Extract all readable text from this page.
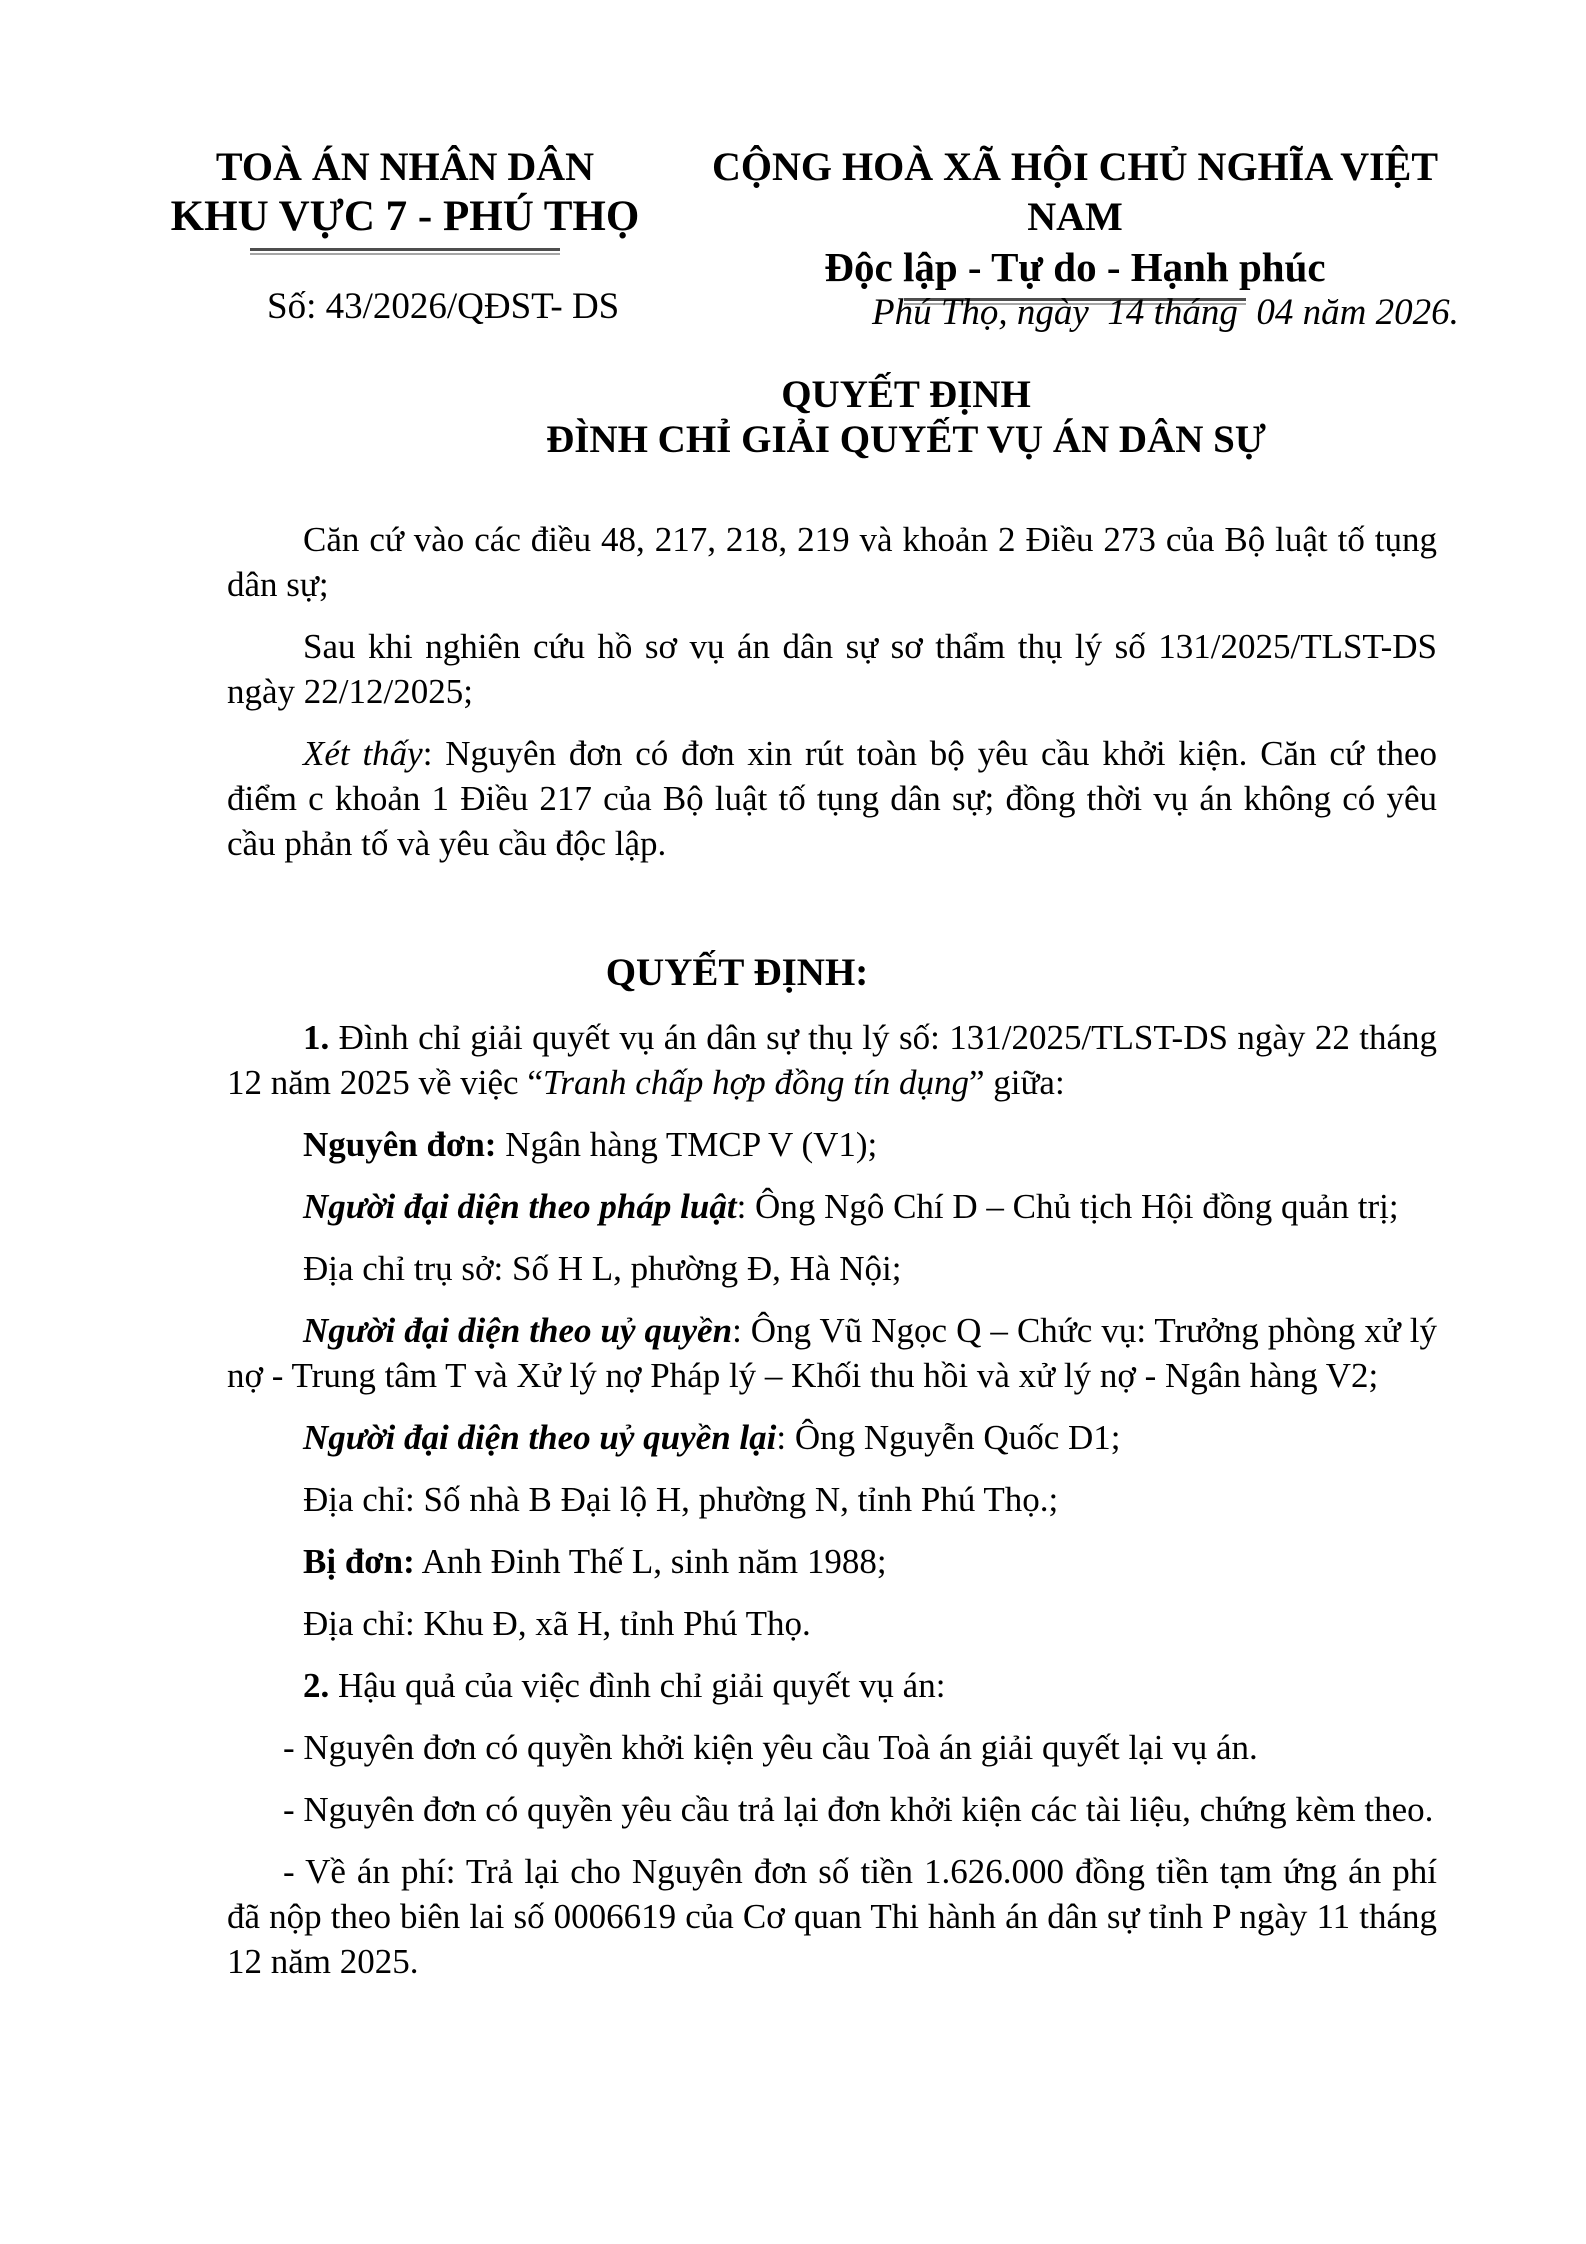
TOÀ ÁN NHÂN DÂN
KHU VỰC 7 - PHÚ THỌ
CỘNG HOÀ XÃ HỘI CHỦ NGHĨA VIỆT NAM
Độc lập - Tự do - Hạnh phúc
Số: 43/2026/QĐST- DS	Phú Thọ, ngày  14 tháng  04 năm 2026.
QUYẾT ĐỊNH
ĐÌNH CHỈ GIẢI QUYẾT VỤ ÁN DÂN SỰ

Căn cứ vào các điều 48, 217, 218, 219 và khoản 2 Điều 273 của Bộ luật tố tụng dân sự;

Sau khi nghiên cứu hồ sơ vụ án dân sự sơ thẩm thụ lý số 131/2025/TLST-DS ngày 22/12/2025;

Xét thấy: Nguyên đơn có đơn xin rút toàn bộ yêu cầu khởi kiện. Căn cứ theo điểm c khoản 1 Điều 217 của Bộ luật tố tụng dân sự; đồng thời vụ án không có yêu cầu phản tố và yêu cầu độc lập.

QUYẾT ĐỊNH:

1. Đình chỉ giải quyết vụ án dân sự thụ lý số: 131/2025/TLST-DS ngày 22 tháng 12 năm 2025 về việc “Tranh chấp hợp đồng tín dụng” giữa:

Nguyên đơn: Ngân hàng TMCP V (V1);

Người đại diện theo pháp luật: Ông Ngô Chí D – Chủ tịch Hội đồng quản trị;

Địa chỉ trụ sở: Số H L, phường Đ, Hà Nội;

Người đại diện theo uỷ quyền: Ông Vũ Ngọc Q – Chức vụ: Trưởng phòng xử lý nợ - Trung tâm T và Xử lý nợ Pháp lý – Khối thu hồi và xử lý nợ - Ngân hàng V2;

Người đại diện theo uỷ quyền lại: Ông Nguyễn Quốc D1;

Địa chỉ: Số nhà B Đại lộ H, phường N, tỉnh Phú Thọ.;

Bị đơn: Anh Đinh Thế L, sinh năm 1988;

Địa chỉ: Khu Đ, xã H, tỉnh Phú Thọ.

2. Hậu quả của việc đình chỉ giải quyết vụ án:

- Nguyên đơn có quyền khởi kiện yêu cầu Toà án giải quyết lại vụ án.

- Nguyên đơn có quyền yêu cầu trả lại đơn khởi kiện các tài liệu, chứng kèm theo.

- Về án phí: Trả lại cho Nguyên đơn số tiền 1.626.000 đồng tiền tạm ứng án phí đã nộp theo biên lai số 0006619 của Cơ quan Thi hành án dân sự tỉnh P ngày 11 tháng 12 năm 2025.
